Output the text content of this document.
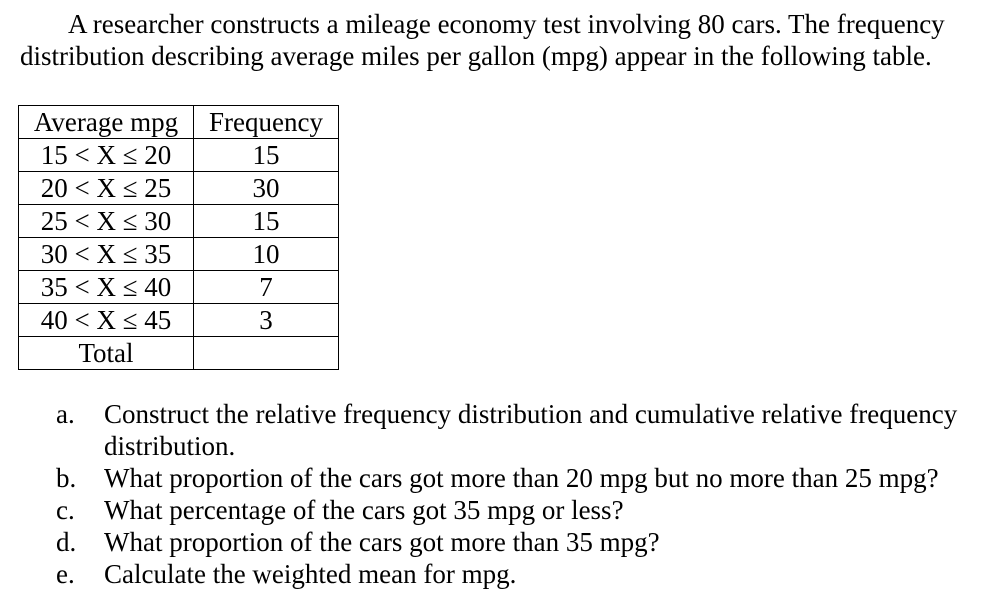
A researcher constructs a mileage economy test involving 80 cars. The frequency
distribution describing average miles per gallon (mpg) appear in the following table.

Average mpg	Frequency
15 < X ≤ 20	15
20 < X ≤ 25	30
25 < X ≤ 30	15
30 < X ≤ 35	10
35 < X ≤ 40	7
40 < X ≤ 45	3
Total	
a. Construct the relative frequency distribution and cumulative relative frequency distribution.
b. What proportion of the cars got more than 20 mpg but no more than 25 mpg?
c. What percentage of the cars got 35 mpg or less?
d. What proportion of the cars got more than 35 mpg?
e. Calculate the weighted mean for mpg.
